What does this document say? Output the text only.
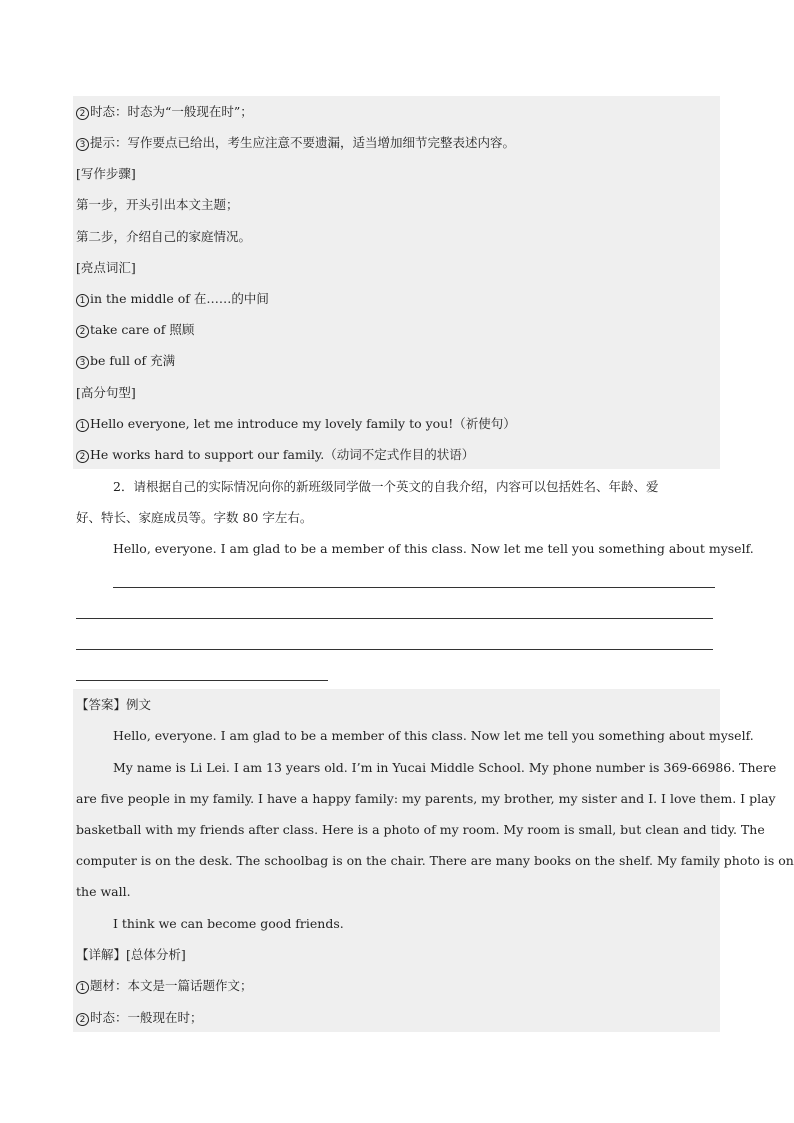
2 时态：时态为“一般现在时”；
3 提示：写作要点已给出，考生应注意不要遗漏，适当增加细节完整表述内容。
[写作步骤]
第一步，开头引出本文主题；
第二步，介绍自己的家庭情况。
[亮点词汇]
1 in the middle of 在……的中间
2 take care of 照顾
3 be full of 充满
[高分句型]
1 Hello everyone, let me introduce my lovely family to you!（祈使句）
2 He works hard to support our family.（动词不定式作目的状语）
2．请根据自己的实际情况向你的新班级同学做一个英文的自我介绍，内容可以包括姓名、年龄、爱
好、特长、家庭成员等。字数 80 字左右。
Hello, everyone. I am glad to be a member of this class. Now let me tell you something about myself.
【答案】例文
Hello, everyone. I am glad to be a member of this class. Now let me tell you something about myself.
My name is Li Lei. I am 13 years old. I’m in Yucai Middle School. My phone number is 369-66986. There
are five people in my family. I have a happy family: my parents, my brother, my sister and I. I love them. I play
basketball with my friends after class. Here is a photo of my room. My room is small, but clean and tidy. The
computer is on the desk. The schoolbag is on the chair. There are many books on the shelf. My family photo is on
the wall.
I think we can become good friends.
【详解】[总体分析]
1 题材：本文是一篇话题作文；
2 时态：一般现在时；
